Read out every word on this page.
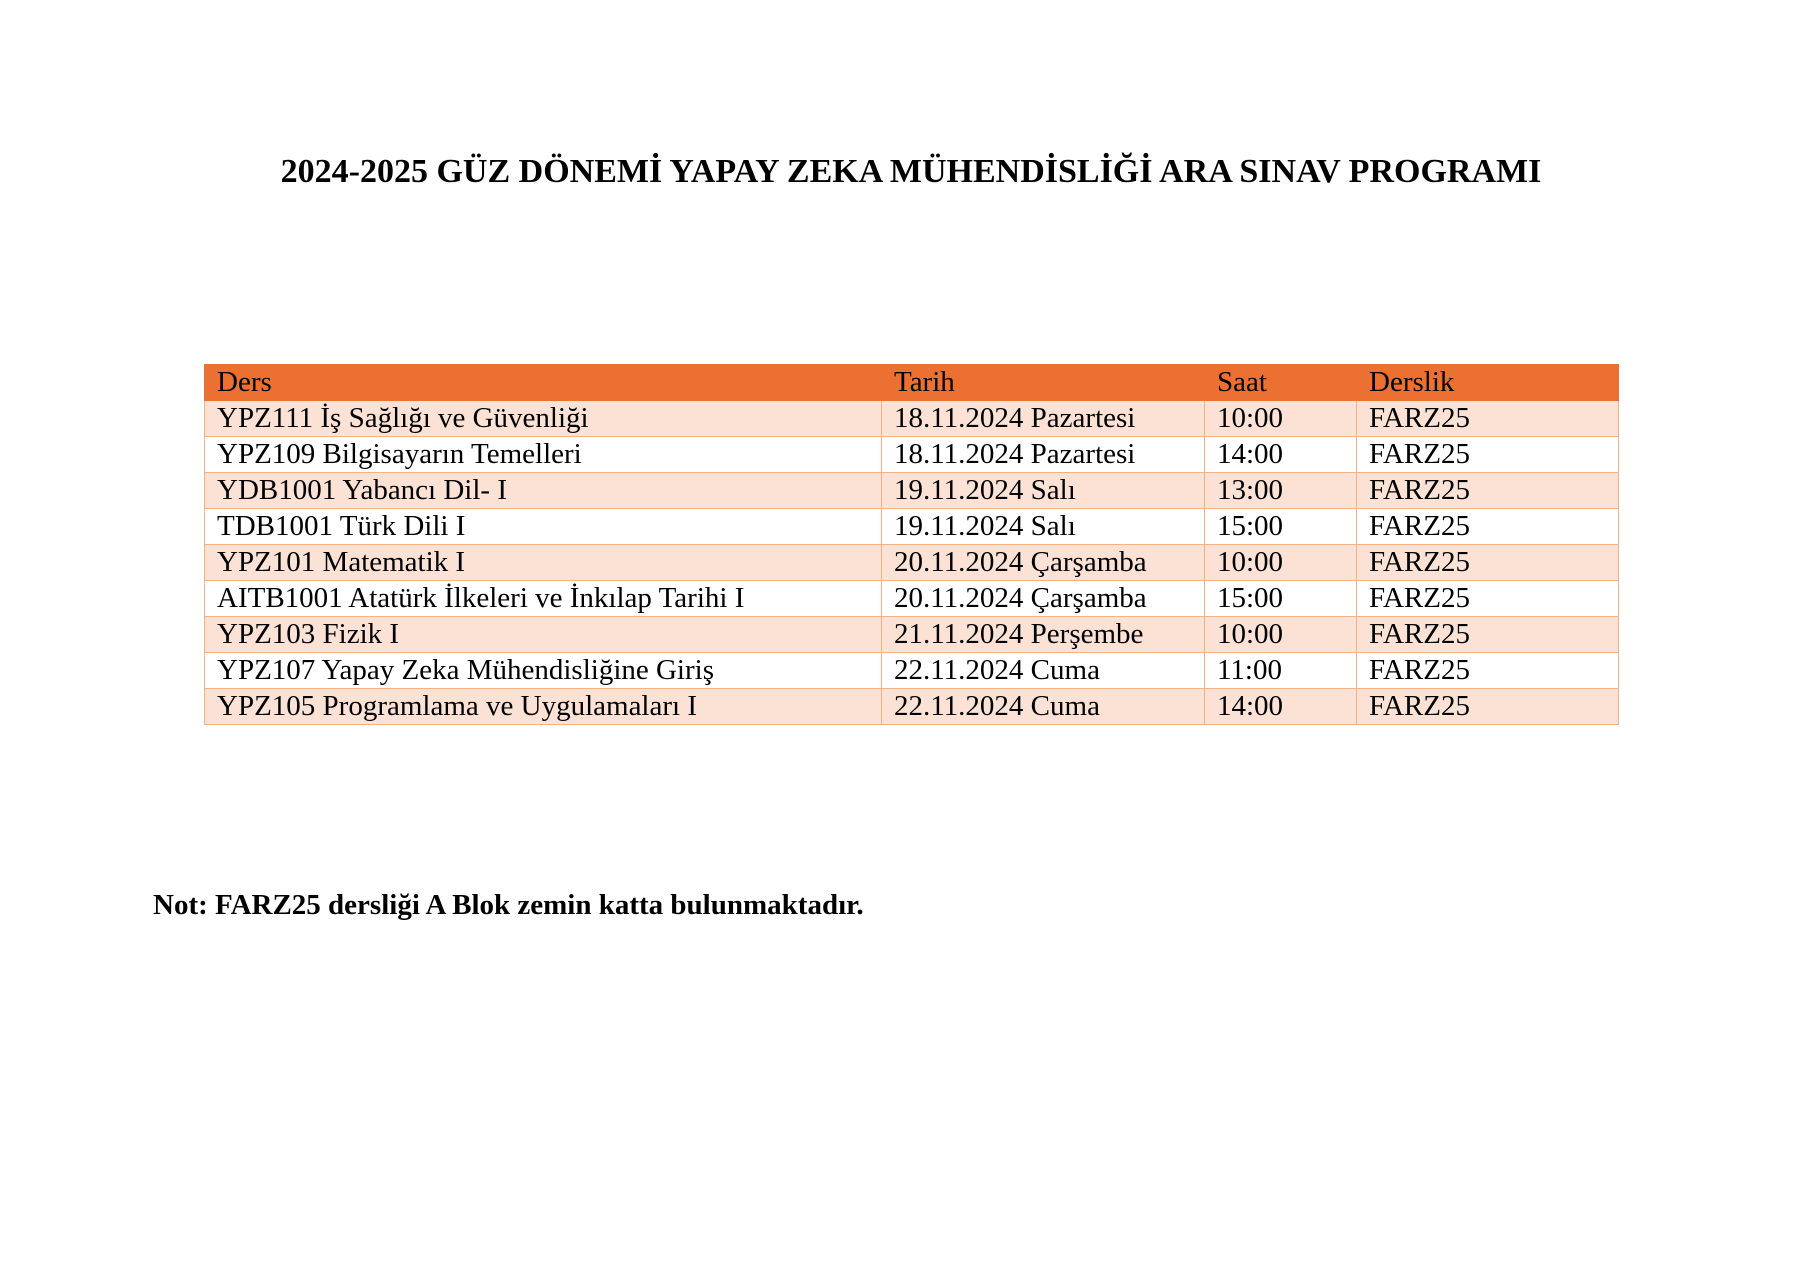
2024-2025 GÜZ DÖNEMİ YAPAY ZEKA MÜHENDİSLİĞİ ARA SINAV PROGRAMI
Ders	Tarih	Saat	Derslik
YPZ111 İş Sağlığı ve Güvenliği	18.11.2024 Pazartesi	10:00	FARZ25
YPZ109 Bilgisayarın Temelleri	18.11.2024 Pazartesi	14:00	FARZ25
YDB1001 Yabancı Dil- I	19.11.2024 Salı	13:00	FARZ25
TDB1001 Türk Dili I	19.11.2024 Salı	15:00	FARZ25
YPZ101 Matematik I	20.11.2024 Çarşamba	10:00	FARZ25
AITB1001 Atatürk İlkeleri ve İnkılap Tarihi I	20.11.2024 Çarşamba	15:00	FARZ25
YPZ103 Fizik I	21.11.2024 Perşembe	10:00	FARZ25
YPZ107 Yapay Zeka Mühendisliğine Giriş	22.11.2024 Cuma	11:00	FARZ25
YPZ105 Programlama ve Uygulamaları I	22.11.2024 Cuma	14:00	FARZ25
Not: FARZ25 dersliği A Blok zemin katta bulunmaktadır.
